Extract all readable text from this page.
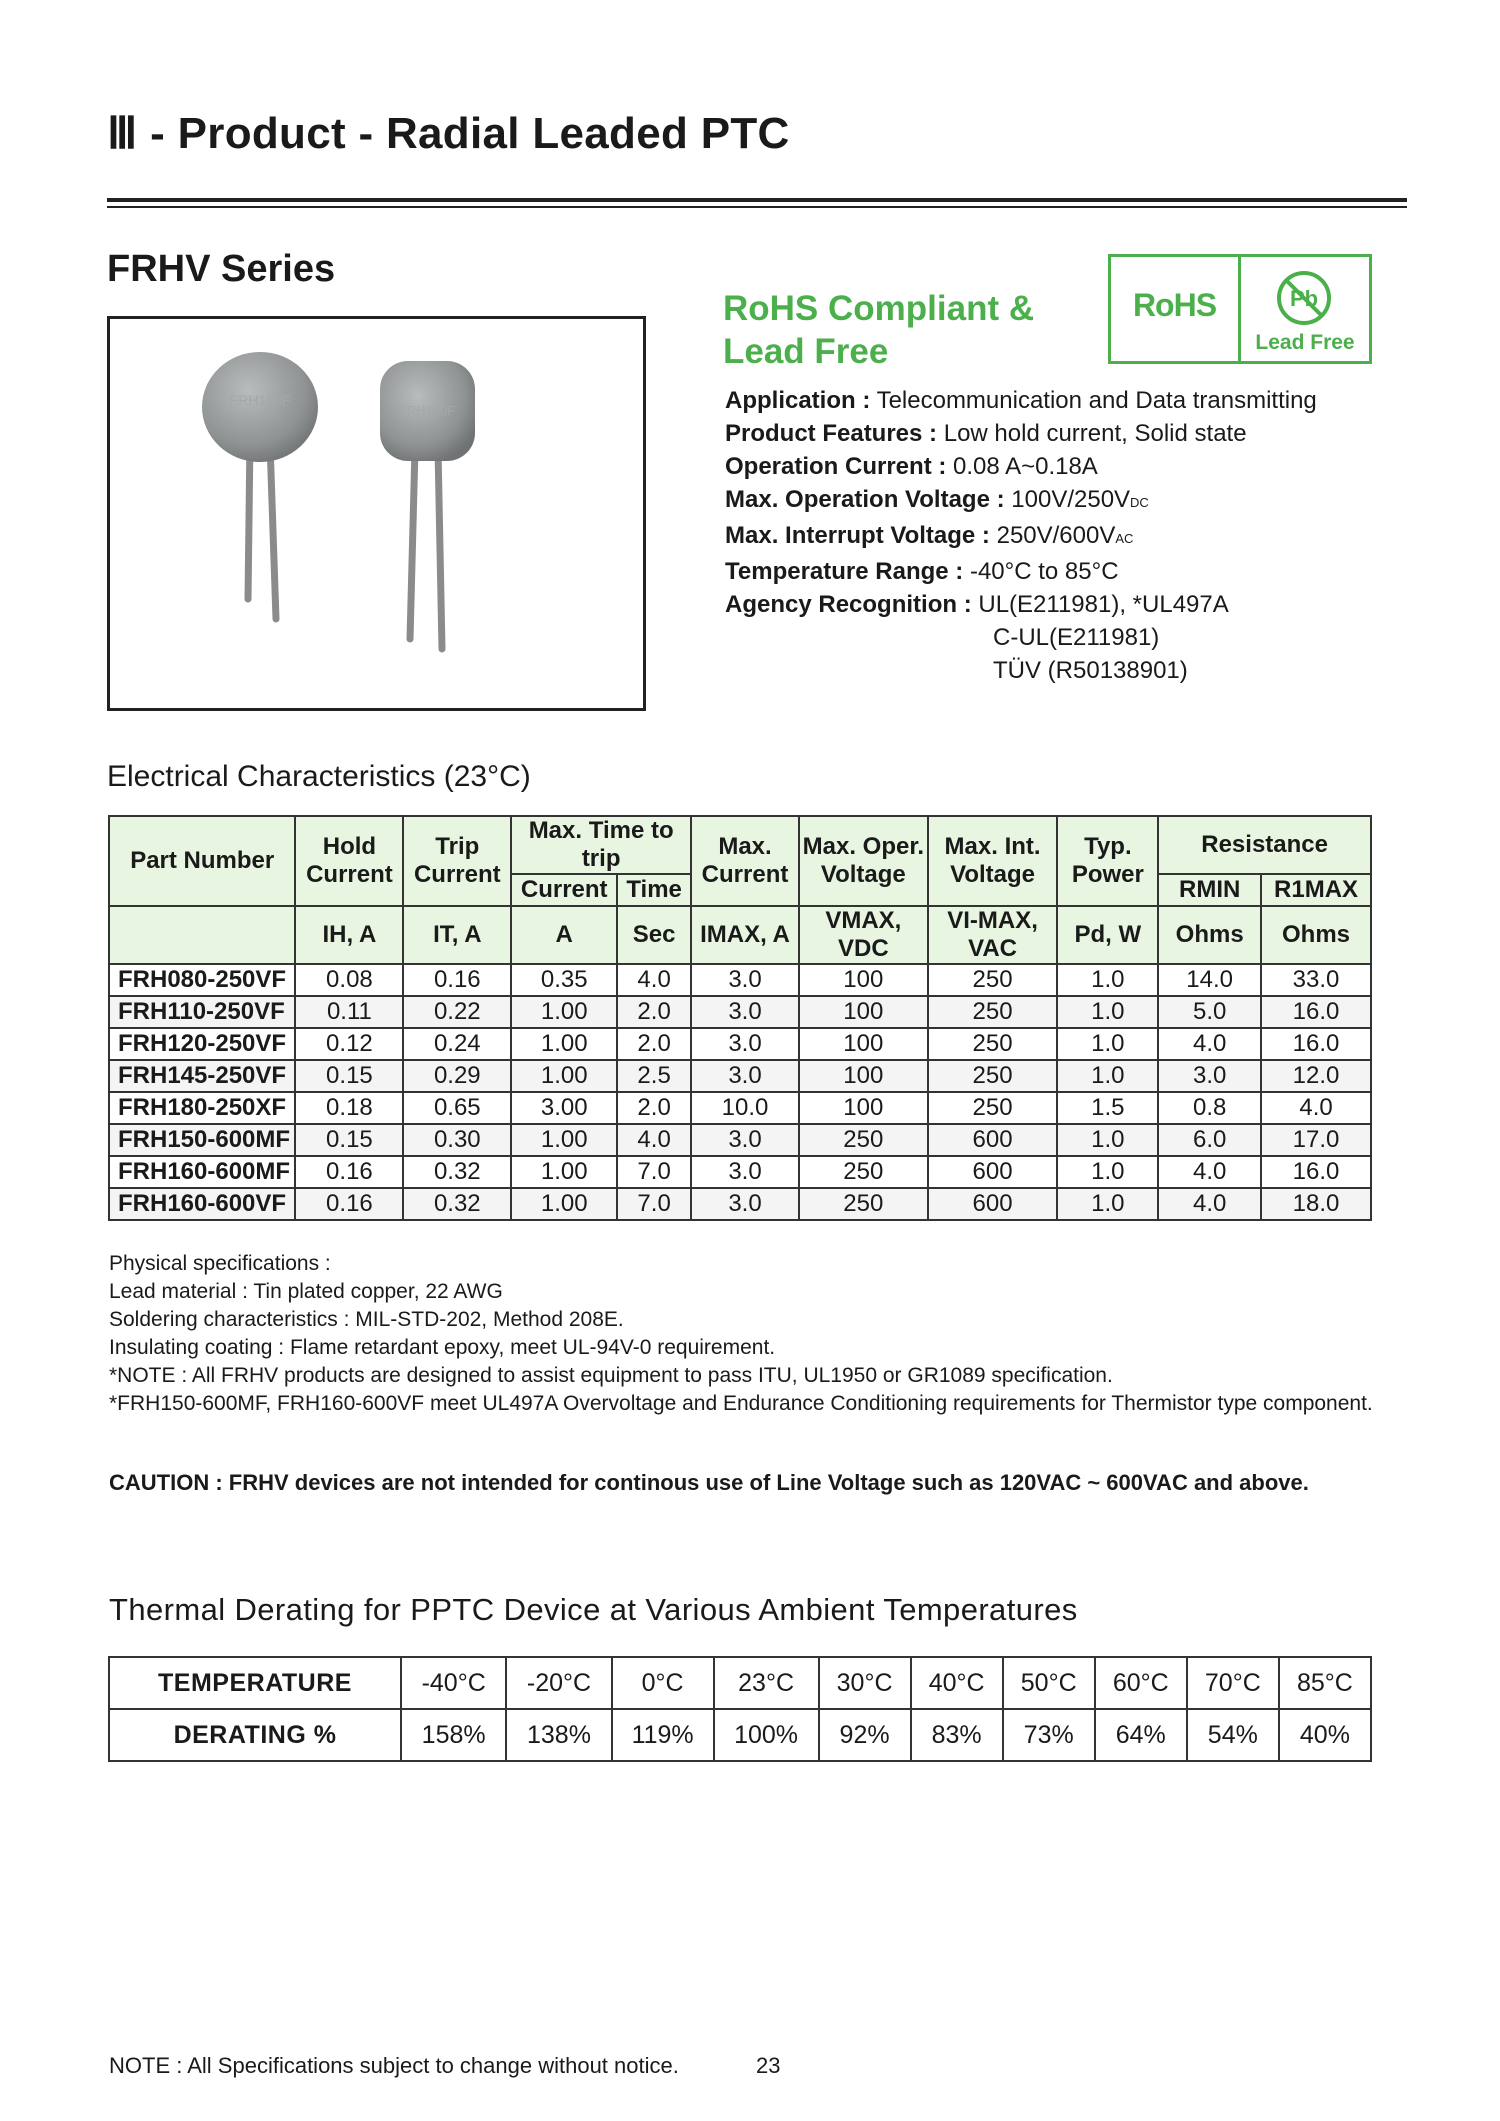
Ⅲ - Product - Radial Leaded PTC
FRHV Series
FRH180F
FRH160F
RoHS Compliant &
Lead Free
RoHS	Pb
Lead Free
Application : Telecommunication and Data transmitting
Product Features : Low hold current, Solid state
Operation Current : 0.08 A~0.18A
Max. Operation Voltage : 100V/250VDC
Max. Interrupt Voltage : 250V/600VAC
Temperature Range : -40°C to 85°C
Agency Recognition : UL(E211981), *UL497A
C-UL(E211981)
TÜV (R50138901)
Electrical Characteristics (23°C)
Part Number	Hold Current	Trip Current	Max. Time to trip		Max. Current	Max. Oper. Voltage	Max. Int. Voltage	Typ. Power	Resistance	
			Current	Time					RMIN	R1MAX
	IH, A	IT, A	A	Sec	IMAX, A	VMAX, VDC	VI-MAX, VAC	Pd, W	Ohms	Ohms
FRH080-250VF	0.08	0.16	0.35	4.0	3.0	100	250	1.0	14.0	33.0
FRH110-250VF	0.11	0.22	1.00	2.0	3.0	100	250	1.0	5.0	16.0
FRH120-250VF	0.12	0.24	1.00	2.0	3.0	100	250	1.0	4.0	16.0
FRH145-250VF	0.15	0.29	1.00	2.5	3.0	100	250	1.0	3.0	12.0
FRH180-250XF	0.18	0.65	3.00	2.0	10.0	100	250	1.5	0.8	4.0
FRH150-600MF	0.15	0.30	1.00	4.0	3.0	250	600	1.0	6.0	17.0
FRH160-600MF	0.16	0.32	1.00	7.0	3.0	250	600	1.0	4.0	16.0
FRH160-600VF	0.16	0.32	1.00	7.0	3.0	250	600	1.0	4.0	18.0
Physical specifications :
Lead material : Tin plated copper, 22 AWG
Soldering characteristics : MIL-STD-202, Method 208E.
Insulating coating : Flame retardant epoxy, meet UL-94V-0 requirement.
*NOTE : All FRHV products are designed to assist equipment to pass ITU, UL1950 or GR1089 specification.
*FRH150-600MF, FRH160-600VF meet UL497A Overvoltage and Endurance Conditioning requirements for Thermistor type component.
CAUTION : FRHV devices are not intended for continous use of Line Voltage such as 120VAC ~ 600VAC and above.
Thermal Derating for PPTC Device at Various Ambient Temperatures
TEMPERATURE	-40°C	-20°C	0°C	23°C	30°C	40°C	50°C	60°C	70°C	85°C
DERATING %	158%	138%	119%	100%	92%	83%	73%	64%	54%	40%
NOTE : All Specifications subject to change without notice.	23
